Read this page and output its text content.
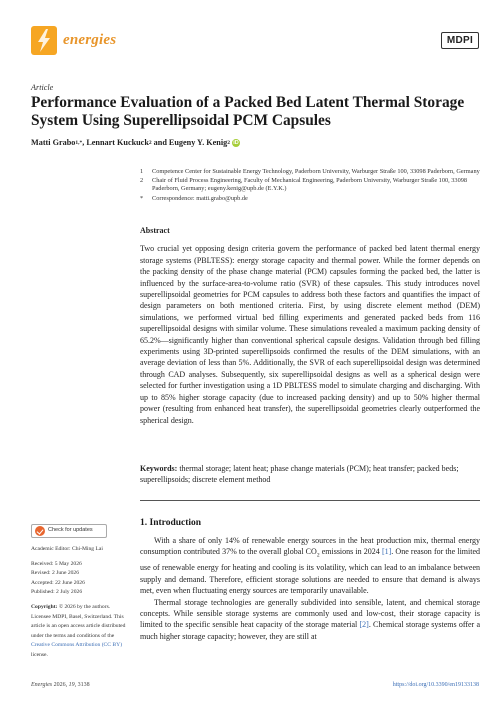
energies	MDPI
Article
Performance Evaluation of a Packed Bed Latent Thermal Storage System Using Superellipsoidal PCM Capsules
Matti Grabo 1,* , Lennart Kuckuck 2 and Eugeny Y. Kenig 2 iD
1	Competence Center for Sustainable Energy Technology, Paderborn University, Warburger Straße 100, 33098 Paderborn, Germany
2	Chair of Fluid Process Engineering, Faculty of Mechanical Engineering, Paderborn University, Warburger Straße 100, 33098 Paderborn, Germany; eugeny.kenig@upb.de (E.Y.K.)
*	Correspondence: matti.grabo@upb.de
Abstract
Two crucial yet opposing design criteria govern the performance of packed bed latent thermal energy storage systems (PBLTESS): energy storage capacity and thermal power. While the former depends on the packing density of the phase change material (PCM) capsules forming the packed bed, the latter is influenced by the surface-area-to-volume ratio (SVR) of these capsules. This study introduces novel superellipsoidal geometries for PCM capsules to address both these factors and quantifies the impact of design parameters on both mentioned criteria. First, by using discrete element method (DEM) simulations, we performed virtual bed filling experiments and generated packed beds from 116 superellipsoidal designs with similar volume. These simulations revealed a maximum packing density of 65.2%—significantly higher than conventional spherical capsule designs. Validation through bed filling experiments using 3D-printed superellipsoids confirmed the results of the DEM simulations, with an average deviation of less than 5%. Additionally, the SVR of each superellipsoidal design was determined through CAD analyses. Subsequently, six superellipsoidal designs as well as a spherical design were selected for further investigation using a 1D PBLTESS model to simulate charging and discharging. With up to 85% higher storage capacity (due to increased packing density) and up to 50% higher thermal power (resulting from enhanced heat transfer), the superellipsoidal geometries clearly outperformed the spherical design.
Keywords: thermal storage; latent heat; phase change materials (PCM); heat transfer; packed beds; superellipsoids; discrete element method
Check for updates
Academic Editor: Chi-Ming Lai
Received: 5 May 2026
Revised: 2 June 2026
Accepted: 22 June 2026
Published: 2 July 2026
Copyright: © 2026 by the authors. Licensee MDPI, Basel, Switzerland. This article is an open access article distributed under the terms and conditions of the Creative Commons Attribution (CC BY) license.
1. Introduction

With a share of only 14% of renewable energy sources in the heat production mix, thermal energy consumption contributed 37% to the overall global $CO_2$ emissions in 2024 [1]. One reason for the limited use of renewable energy for heating and cooling is its volatility, which can lead to an imbalance between supply and demand. Therefore, efficient storage solutions are needed to ensure that demand is always met, even when fluctuating energy sources are temporarily unavailable.

Thermal storage technologies are generally subdivided into sensible, latent, and chemical storage concepts. While sensible storage systems are commonly used and low-cost, their storage capacity is limited to the specific sensible heat capacity of the storage material [2]. Chemical storage systems offer a much higher storage capacity; however, they are still at

Energies 2026, 19, 3138	https://doi.org/10.3390/en19133138
